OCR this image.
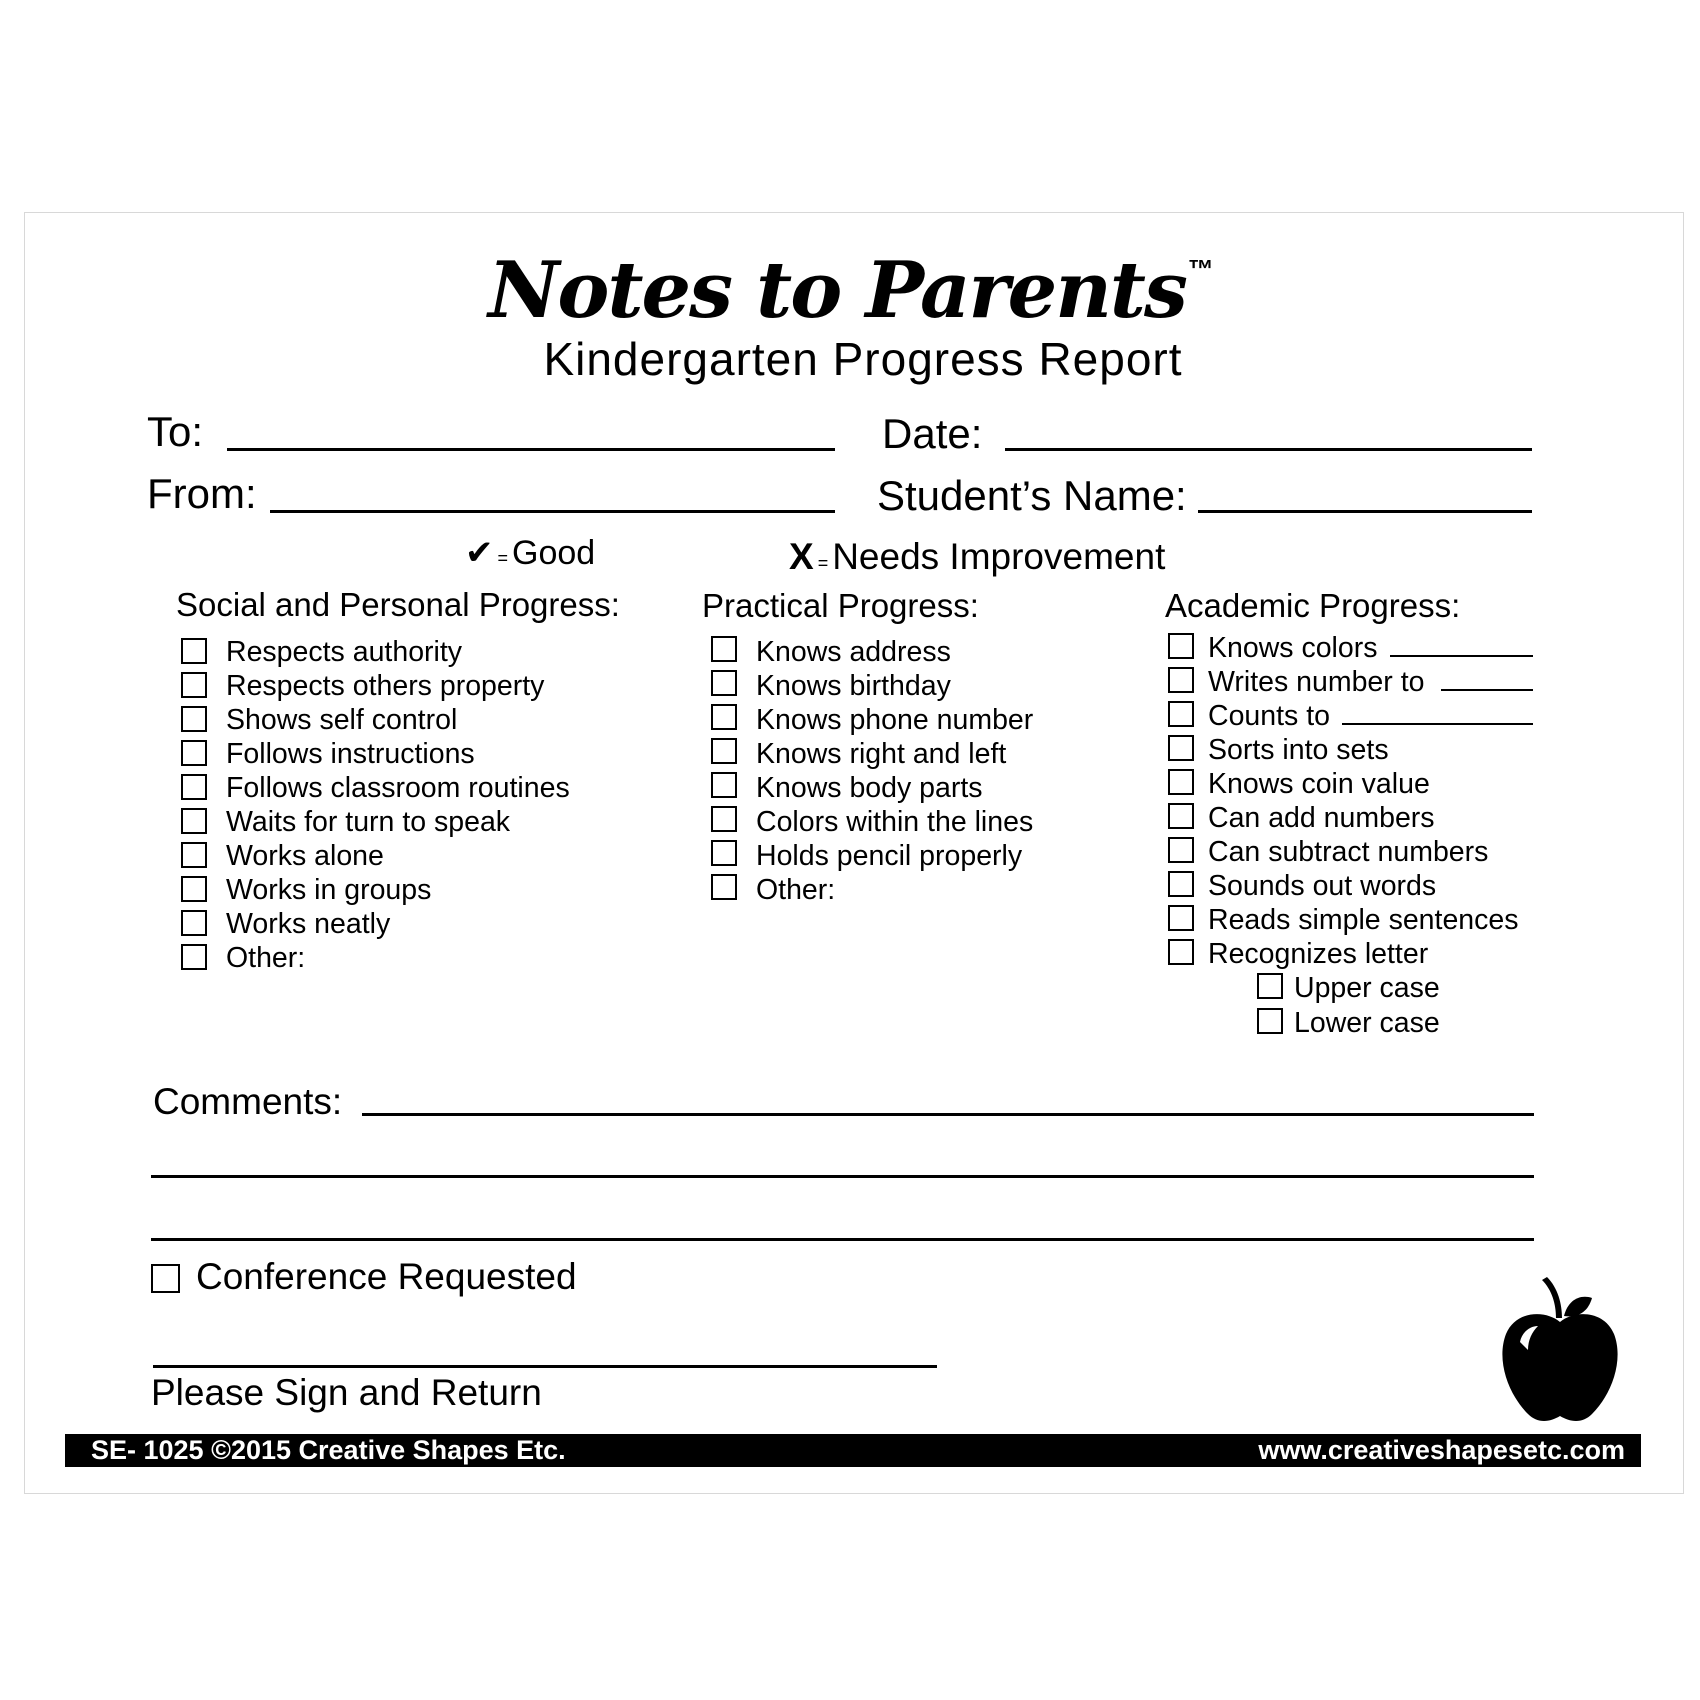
Notes to Parents™
Kindergarten Progress Report
To:	Date:
From:	Student’s Name:
✔ = Good	X = Needs Improvement
Social and Personal Progress: Practical Progress:	Academic Progress:
Respects authority
Respects others property
Shows self control
Follows instructions
Follows classroom routines
Waits for turn to speak
Works alone
Works in groups
Works neatly
Other:
Knows address
Knows birthday
Knows phone number
Knows right and left
Knows body parts
Colors within the lines
Holds pencil properly
Other:
Knows colors
Writes number to
Counts to
Sorts into sets
Knows coin value
Can add numbers
Can subtract numbers
Sounds out words
Reads simple sentences
Recognizes letter
Upper case
Lower case
Comments:
Conference Requested
Please Sign and Return
SE- 1025 ©2015 Creative Shapes Etc.	www.creativeshapesetc.com
